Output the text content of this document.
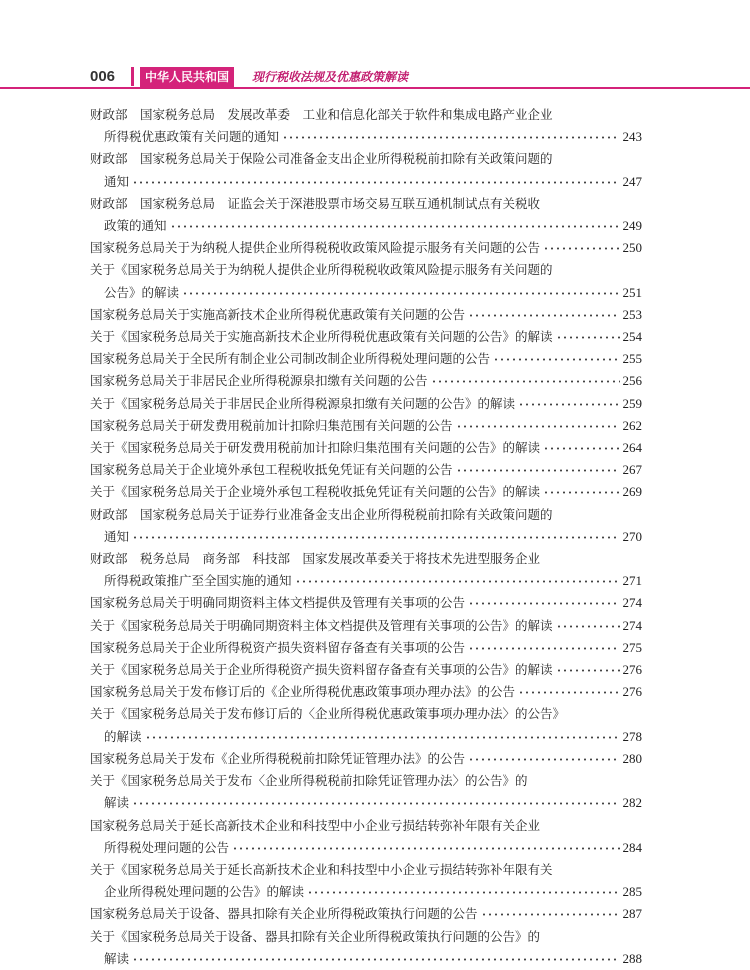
006	中华人民共和国	现行税收法规及优惠政策解读
财政部　国家税务总局　发展改革委　工业和信息化部关于软件和集成电路产业企业
所得税优惠政策有关问题的通知	243
财政部　国家税务总局关于保险公司准备金支出企业所得税税前扣除有关政策问题的
通知	247
财政部　国家税务总局　证监会关于深港股票市场交易互联互通机制试点有关税收
政策的通知	249
国家税务总局关于为纳税人提供企业所得税税收政策风险提示服务有关问题的公告	250
关于《国家税务总局关于为纳税人提供企业所得税税收政策风险提示服务有关问题的
公告》的解读	251
国家税务总局关于实施高新技术企业所得税优惠政策有关问题的公告	253
关于《国家税务总局关于实施高新技术企业所得税优惠政策有关问题的公告》的解读	254
国家税务总局关于全民所有制企业公司制改制企业所得税处理问题的公告	255
国家税务总局关于非居民企业所得税源泉扣缴有关问题的公告	256
关于《国家税务总局关于非居民企业所得税源泉扣缴有关问题的公告》的解读	259
国家税务总局关于研发费用税前加计扣除归集范围有关问题的公告	262
关于《国家税务总局关于研发费用税前加计扣除归集范围有关问题的公告》的解读	264
国家税务总局关于企业境外承包工程税收抵免凭证有关问题的公告	267
关于《国家税务总局关于企业境外承包工程税收抵免凭证有关问题的公告》的解读	269
财政部　国家税务总局关于证券行业准备金支出企业所得税税前扣除有关政策问题的
通知	270
财政部　税务总局　商务部　科技部　国家发展改革委关于将技术先进型服务企业
所得税政策推广至全国实施的通知	271
国家税务总局关于明确同期资料主体文档提供及管理有关事项的公告	274
关于《国家税务总局关于明确同期资料主体文档提供及管理有关事项的公告》的解读	274
国家税务总局关于企业所得税资产损失资料留存备查有关事项的公告	275
关于《国家税务总局关于企业所得税资产损失资料留存备查有关事项的公告》的解读	276
国家税务总局关于发布修订后的《企业所得税优惠政策事项办理办法》的公告	276
关于《国家税务总局关于发布修订后的〈企业所得税优惠政策事项办理办法〉的公告》
的解读	278
国家税务总局关于发布《企业所得税税前扣除凭证管理办法》的公告	280
关于《国家税务总局关于发布〈企业所得税税前扣除凭证管理办法〉的公告》的
解读	282
国家税务总局关于延长高新技术企业和科技型中小企业亏损结转弥补年限有关企业
所得税处理问题的公告	284
关于《国家税务总局关于延长高新技术企业和科技型中小企业亏损结转弥补年限有关
企业所得税处理问题的公告》的解读	285
国家税务总局关于设备、器具扣除有关企业所得税政策执行问题的公告	287
关于《国家税务总局关于设备、器具扣除有关企业所得税政策执行问题的公告》的
解读	288
